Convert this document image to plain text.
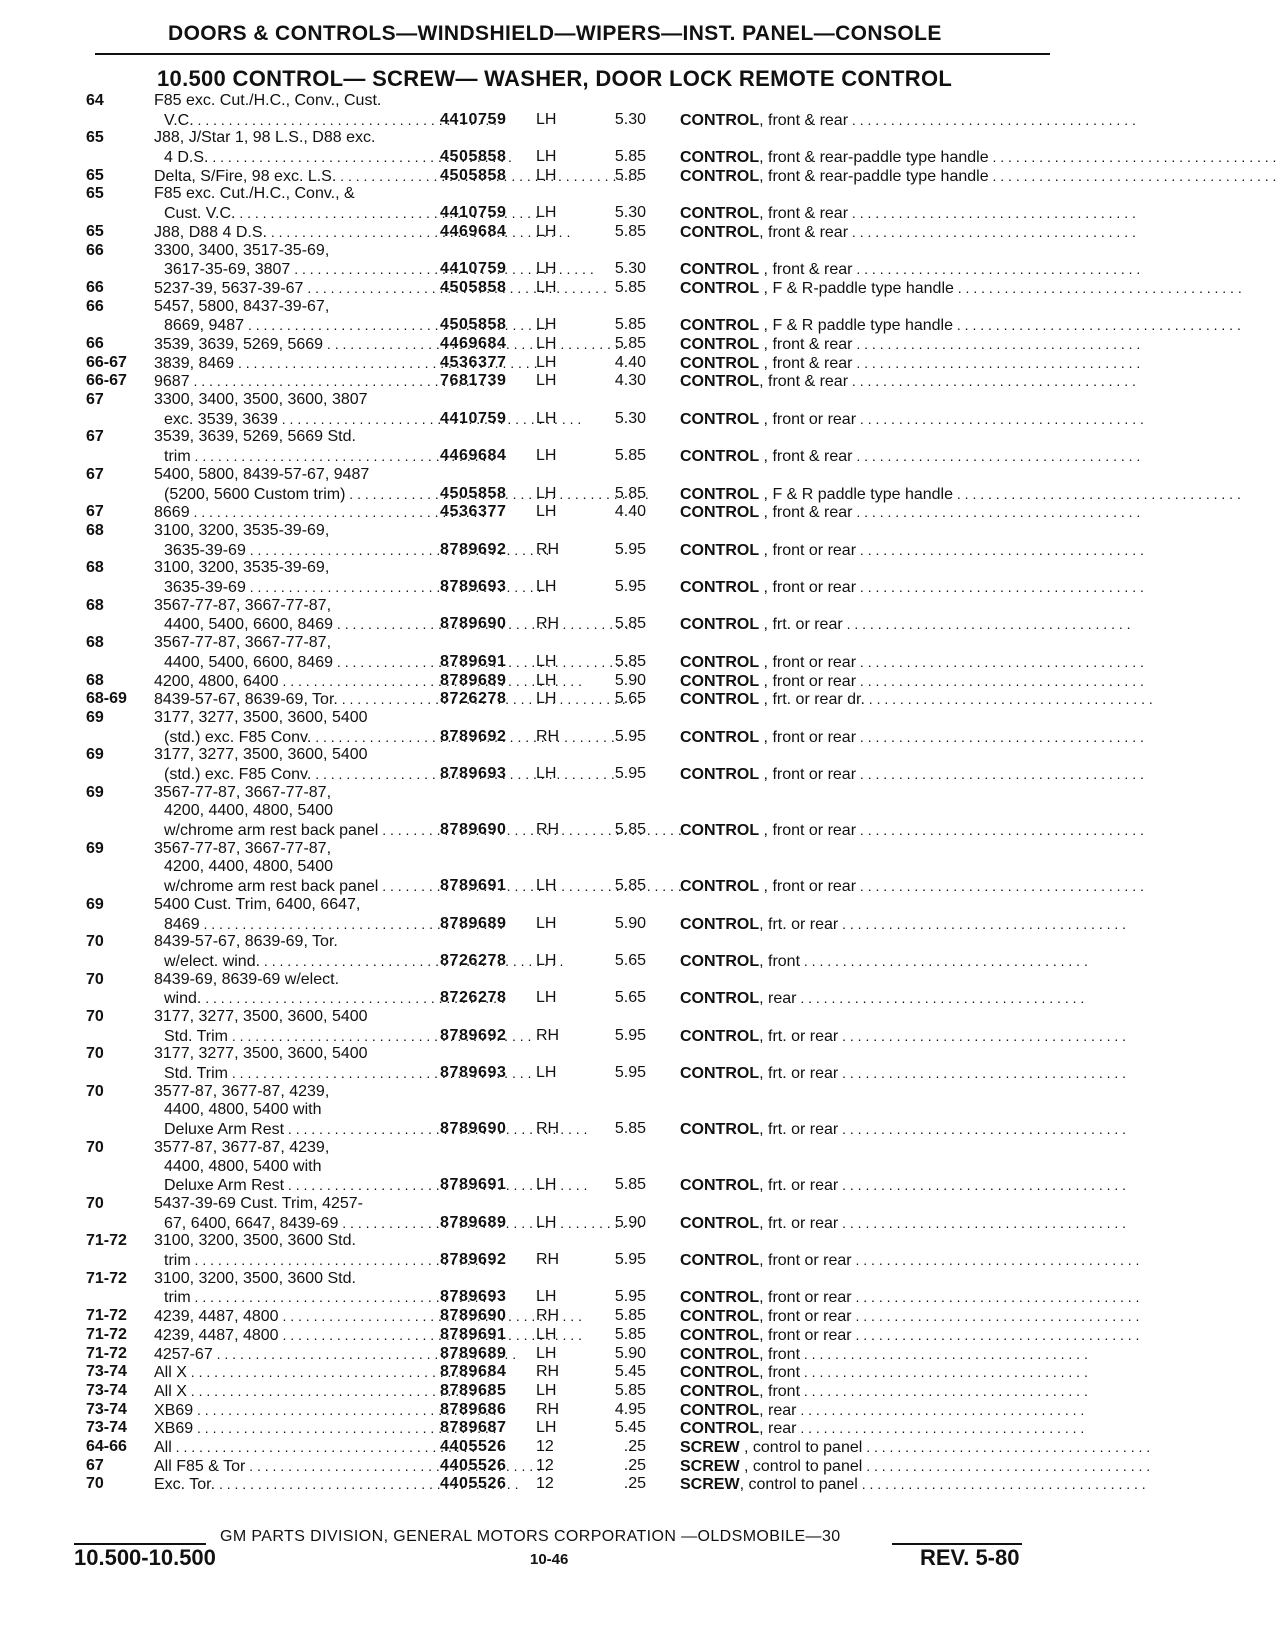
DOORS & CONTROLS—WINDSHIELD—WIPERS—INST. PANEL—CONSOLE
10.500 CONTROL— SCREW— WASHER, DOOR LOCK REMOTE CONTROL
64	F85 exc. Cut./H.C., Conv., Cust.
V.C. . . .	4410759	LH	5.30 CONTROL, front & rear . . . . . . . . . . . . . . . . . . . . . . . . . . . . . . . . . . . . .
65	J88, J/Star 1, 98 L.S., D88 exc.
4 D.S. . . .	4505858	LH	5.85 CONTROL, front & rear-paddle type handle . . . . . . . . . . . . . . . . . . . . . . . . . . . . . . . . . . . . .
65	Delta, S/Fire, 98 exc. L.S. . . .	4505858	LH	5.85 CONTROL, front & rear-paddle type handle . . . . . . . . . . . . . . . . . . . . . . . . . . . . . . . . . . . . .
65	F85 exc. Cut./H.C., Conv., &
Cust. V.C. . . .	4410759	LH	5.30 CONTROL, front & rear . . . . . . . . . . . . . . . . . . . . . . . . . . . . . . . . . . . . .
65	J88, D88 4 D.S. . . .	4469684	LH	5.85 CONTROL, front & rear . . . . . . . . . . . . . . . . . . . . . . . . . . . . . . . . . . . . .
66	3300, 3400, 3517-35-69,
3617-35-69, 3807 . . .	4410759	LH	5.30 CONTROL , front & rear . . . . . . . . . . . . . . . . . . . . . . . . . . . . . . . . . . . . .
66	5237-39, 5637-39-67 . . .	4505858	LH	5.85 CONTROL , F & R-paddle type handle . . . . . . . . . . . . . . . . . . . . . . . . . . . . . . . . . . . . .
66	5457, 5800, 8437-39-67,
8669, 9487 . . .	4505858	LH	5.85 CONTROL , F & R paddle type handle . . . . . . . . . . . . . . . . . . . . . . . . . . . . . . . . . . . . .
66	3539, 3639, 5269, 5669 . . .	4469684	LH	5.85 CONTROL , front & rear . . . . . . . . . . . . . . . . . . . . . . . . . . . . . . . . . . . . .
66-67	3839, 8469 . . .	4536377	LH	4.40 CONTROL , front & rear . . . . . . . . . . . . . . . . . . . . . . . . . . . . . . . . . . . . .
66-67	9687 . . .	7681739	LH	4.30 CONTROL, front & rear . . . . . . . . . . . . . . . . . . . . . . . . . . . . . . . . . . . . .
67	3300, 3400, 3500, 3600, 3807
exc. 3539, 3639 . . .	4410759	LH	5.30 CONTROL , front or rear . . . . . . . . . . . . . . . . . . . . . . . . . . . . . . . . . . . . .
67	3539, 3639, 5269, 5669 Std.
trim . . .	4469684	LH	5.85 CONTROL , front & rear . . . . . . . . . . . . . . . . . . . . . . . . . . . . . . . . . . . . .
67	5400, 5800, 8439-57-67, 9487
(5200, 5600 Custom trim) . . .	4505858	LH	5.85 CONTROL , F & R paddle type handle . . . . . . . . . . . . . . . . . . . . . . . . . . . . . . . . . . . . .
67	8669 . . .	4536377	LH	4.40 CONTROL , front & rear . . . . . . . . . . . . . . . . . . . . . . . . . . . . . . . . . . . . .
68	3100, 3200, 3535-39-69,
3635-39-69 . . .	8789692	RH	5.95 CONTROL , front or rear . . . . . . . . . . . . . . . . . . . . . . . . . . . . . . . . . . . . .
68	3100, 3200, 3535-39-69,
3635-39-69 . . .	8789693	LH	5.95 CONTROL , front or rear . . . . . . . . . . . . . . . . . . . . . . . . . . . . . . . . . . . . .
68	3567-77-87, 3667-77-87,
4400, 5400, 6600, 8469 . . .	8789690	RH	5.85 CONTROL , frt. or rear . . . . . . . . . . . . . . . . . . . . . . . . . . . . . . . . . . . . .
68	3567-77-87, 3667-77-87,
4400, 5400, 6600, 8469 . . .	8789691	LH	5.85 CONTROL , front or rear . . . . . . . . . . . . . . . . . . . . . . . . . . . . . . . . . . . . .
68	4200, 4800, 6400 . . .	8789689	LH	5.90 CONTROL , front or rear . . . . . . . . . . . . . . . . . . . . . . . . . . . . . . . . . . . . .
68-69	8439-57-67, 8639-69, Tor. . . .	8726278	LH	5.65 CONTROL , frt. or rear dr. . . . . . . . . . . . . . . . . . . . . . . . . . . . . . . . . . . . . .
69	3177, 3277, 3500, 3600, 5400
(std.) exc. F85 Conv. . . .	8789692	RH	5.95 CONTROL , front or rear . . . . . . . . . . . . . . . . . . . . . . . . . . . . . . . . . . . . .
69	3177, 3277, 3500, 3600, 5400
(std.) exc. F85 Conv. . . .	8789693	LH	5.95 CONTROL , front or rear . . . . . . . . . . . . . . . . . . . . . . . . . . . . . . . . . . . . .
69	3567-77-87, 3667-77-87,
4200, 4400, 4800, 5400
w/chrome arm rest back panel . . .	8789690	RH	5.85 CONTROL , front or rear . . . . . . . . . . . . . . . . . . . . . . . . . . . . . . . . . . . . .
69	3567-77-87, 3667-77-87,
4200, 4400, 4800, 5400
w/chrome arm rest back panel . . .	8789691	LH	5.85 CONTROL , front or rear . . . . . . . . . . . . . . . . . . . . . . . . . . . . . . . . . . . . .
69	5400 Cust. Trim, 6400, 6647,
8469 . . .	8789689	LH	5.90 CONTROL, frt. or rear . . . . . . . . . . . . . . . . . . . . . . . . . . . . . . . . . . . . .
70	8439-57-67, 8639-69, Tor.
w/elect. wind. . . .	8726278	LH	5.65 CONTROL, front . . . . . . . . . . . . . . . . . . . . . . . . . . . . . . . . . . . . .
70	8439-69, 8639-69 w/elect.
wind. . . .	8726278	LH	5.65 CONTROL, rear . . . . . . . . . . . . . . . . . . . . . . . . . . . . . . . . . . . . .
70	3177, 3277, 3500, 3600, 5400
Std. Trim . . .	8789692	RH	5.95 CONTROL, frt. or rear . . . . . . . . . . . . . . . . . . . . . . . . . . . . . . . . . . . . .
70	3177, 3277, 3500, 3600, 5400
Std. Trim . . .	8789693	LH	5.95 CONTROL, frt. or rear . . . . . . . . . . . . . . . . . . . . . . . . . . . . . . . . . . . . .
70	3577-87, 3677-87, 4239,
4400, 4800, 5400 with
Deluxe Arm Rest . . .	8789690	RH	5.85 CONTROL, frt. or rear . . . . . . . . . . . . . . . . . . . . . . . . . . . . . . . . . . . . .
70	3577-87, 3677-87, 4239,
4400, 4800, 5400 with
Deluxe Arm Rest . . .	8789691	LH	5.85 CONTROL, frt. or rear . . . . . . . . . . . . . . . . . . . . . . . . . . . . . . . . . . . . .
70	5437-39-69 Cust. Trim, 4257-
67, 6400, 6647, 8439-69 . . .	8789689	LH	5.90 CONTROL, frt. or rear . . . . . . . . . . . . . . . . . . . . . . . . . . . . . . . . . . . . .
71-72	3100, 3200, 3500, 3600 Std.
trim . . .	8789692	RH	5.95 CONTROL, front or rear . . . . . . . . . . . . . . . . . . . . . . . . . . . . . . . . . . . . .
71-72	3100, 3200, 3500, 3600 Std.
trim . . .	8789693	LH	5.95 CONTROL, front or rear . . . . . . . . . . . . . . . . . . . . . . . . . . . . . . . . . . . . .
71-72	4239, 4487, 4800 . . .	8789690	RH	5.85 CONTROL, front or rear . . . . . . . . . . . . . . . . . . . . . . . . . . . . . . . . . . . . .
71-72	4239, 4487, 4800 . . .	8789691	LH	5.85 CONTROL, front or rear . . . . . . . . . . . . . . . . . . . . . . . . . . . . . . . . . . . . .
71-72	4257-67 . . .	8789689	LH	5.90 CONTROL, front . . . . . . . . . . . . . . . . . . . . . . . . . . . . . . . . . . . . .
73-74	All X . . .	8789684	RH	5.45 CONTROL, front . . . . . . . . . . . . . . . . . . . . . . . . . . . . . . . . . . . . .
73-74	All X . . .	8789685	LH	5.85 CONTROL, front . . . . . . . . . . . . . . . . . . . . . . . . . . . . . . . . . . . . .
73-74	XB69 . . .	8789686	RH	4.95 CONTROL, rear . . . . . . . . . . . . . . . . . . . . . . . . . . . . . . . . . . . . .
73-74	XB69 . . .	8789687	LH	5.45 CONTROL, rear . . . . . . . . . . . . . . . . . . . . . . . . . . . . . . . . . . . . .
64-66	All . . .	4405526	12	.25 SCREW , control to panel . . . . . . . . . . . . . . . . . . . . . . . . . . . . . . . . . . . . .
67	All F85 & Tor . . .	4405526	12	.25 SCREW , control to panel . . . . . . . . . . . . . . . . . . . . . . . . . . . . . . . . . . . . .
70	Exc. Tor. . . .	4405526	12	.25 SCREW, control to panel . . . . . . . . . . . . . . . . . . . . . . . . . . . . . . . . . . . . .
GM PARTS DIVISION, GENERAL MOTORS CORPORATION —OLDSMOBILE—30
10.500-10.500	10-46	REV. 5-80
